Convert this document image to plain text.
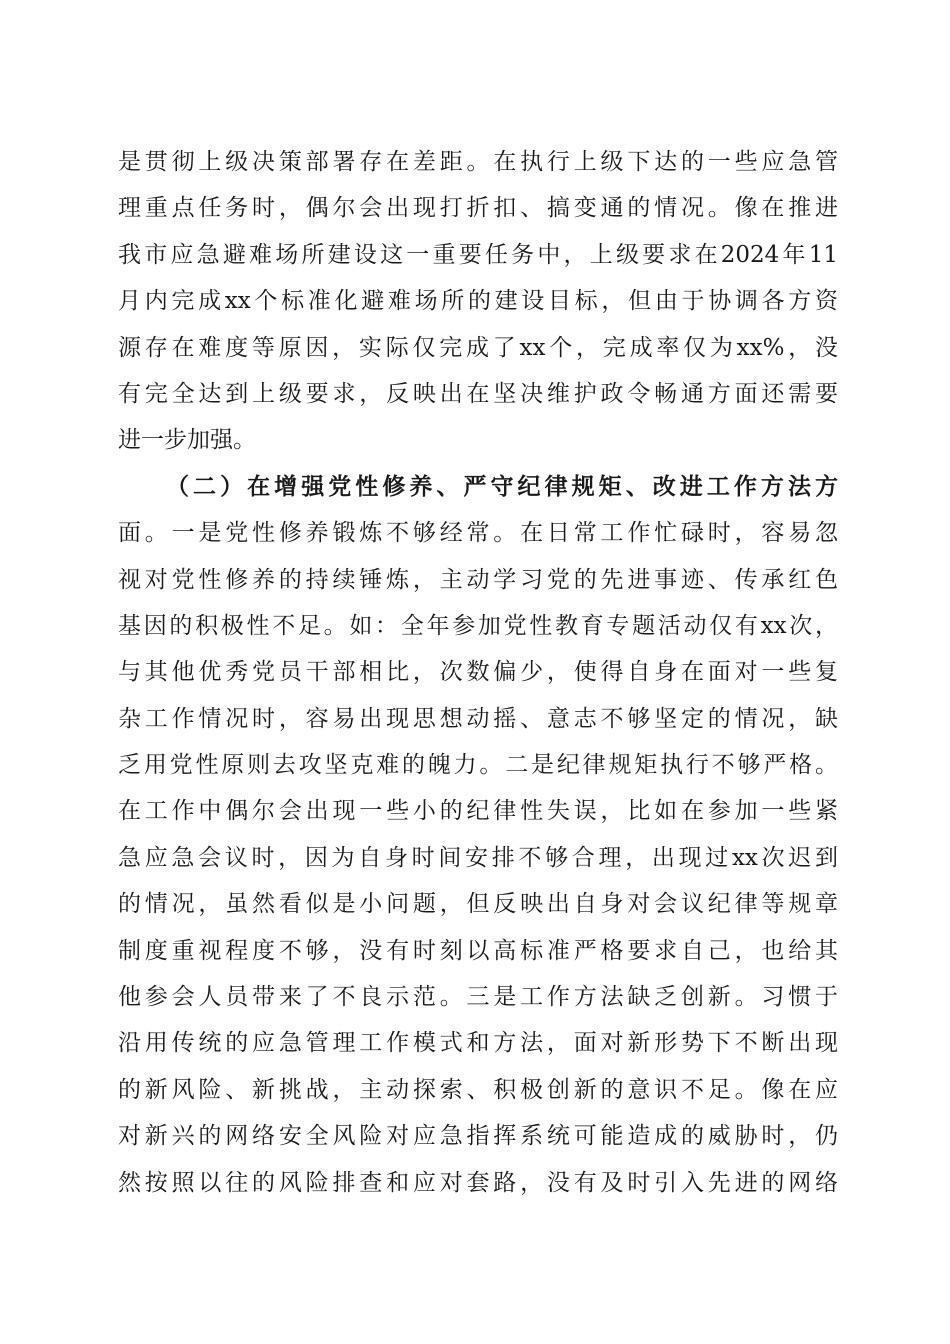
是贯彻上级决策部署存在差距。在执行上级下达的一些应急管
理重点任务时，偶尔会出现打折扣、搞变通的情况。像在推进
我市应急避难场所建设这一重要任务中，上级要求在2024年11
月内完成xx个标准化避难场所的建设目标，但由于协调各方资
源存在难度等原因，实际仅完成了xx个，完成率仅为xx%，没
有完全达到上级要求，反映出在坚决维护政令畅通方面还需要
进一步加强。
（二）在增强党性修养、严守纪律规矩、改进工作方法方
面。一是党性修养锻炼不够经常。在日常工作忙碌时，容易忽
视对党性修养的持续锤炼，主动学习党的先进事迹、传承红色
基因的积极性不足。如：全年参加党性教育专题活动仅有xx次，
与其他优秀党员干部相比，次数偏少，使得自身在面对一些复
杂工作情况时，容易出现思想动摇、意志不够坚定的情况，缺
乏用党性原则去攻坚克难的魄力。二是纪律规矩执行不够严格。
在工作中偶尔会出现一些小的纪律性失误，比如在参加一些紧
急应急会议时，因为自身时间安排不够合理，出现过xx次迟到
的情况，虽然看似是小问题，但反映出自身对会议纪律等规章
制度重视程度不够，没有时刻以高标准严格要求自己，也给其
他参会人员带来了不良示范。三是工作方法缺乏创新。习惯于
沿用传统的应急管理工作模式和方法，面对新形势下不断出现
的新风险、新挑战，主动探索、积极创新的意识不足。像在应
对新兴的网络安全风险对应急指挥系统可能造成的威胁时，仍
然按照以往的风险排查和应对套路，没有及时引入先进的网络
